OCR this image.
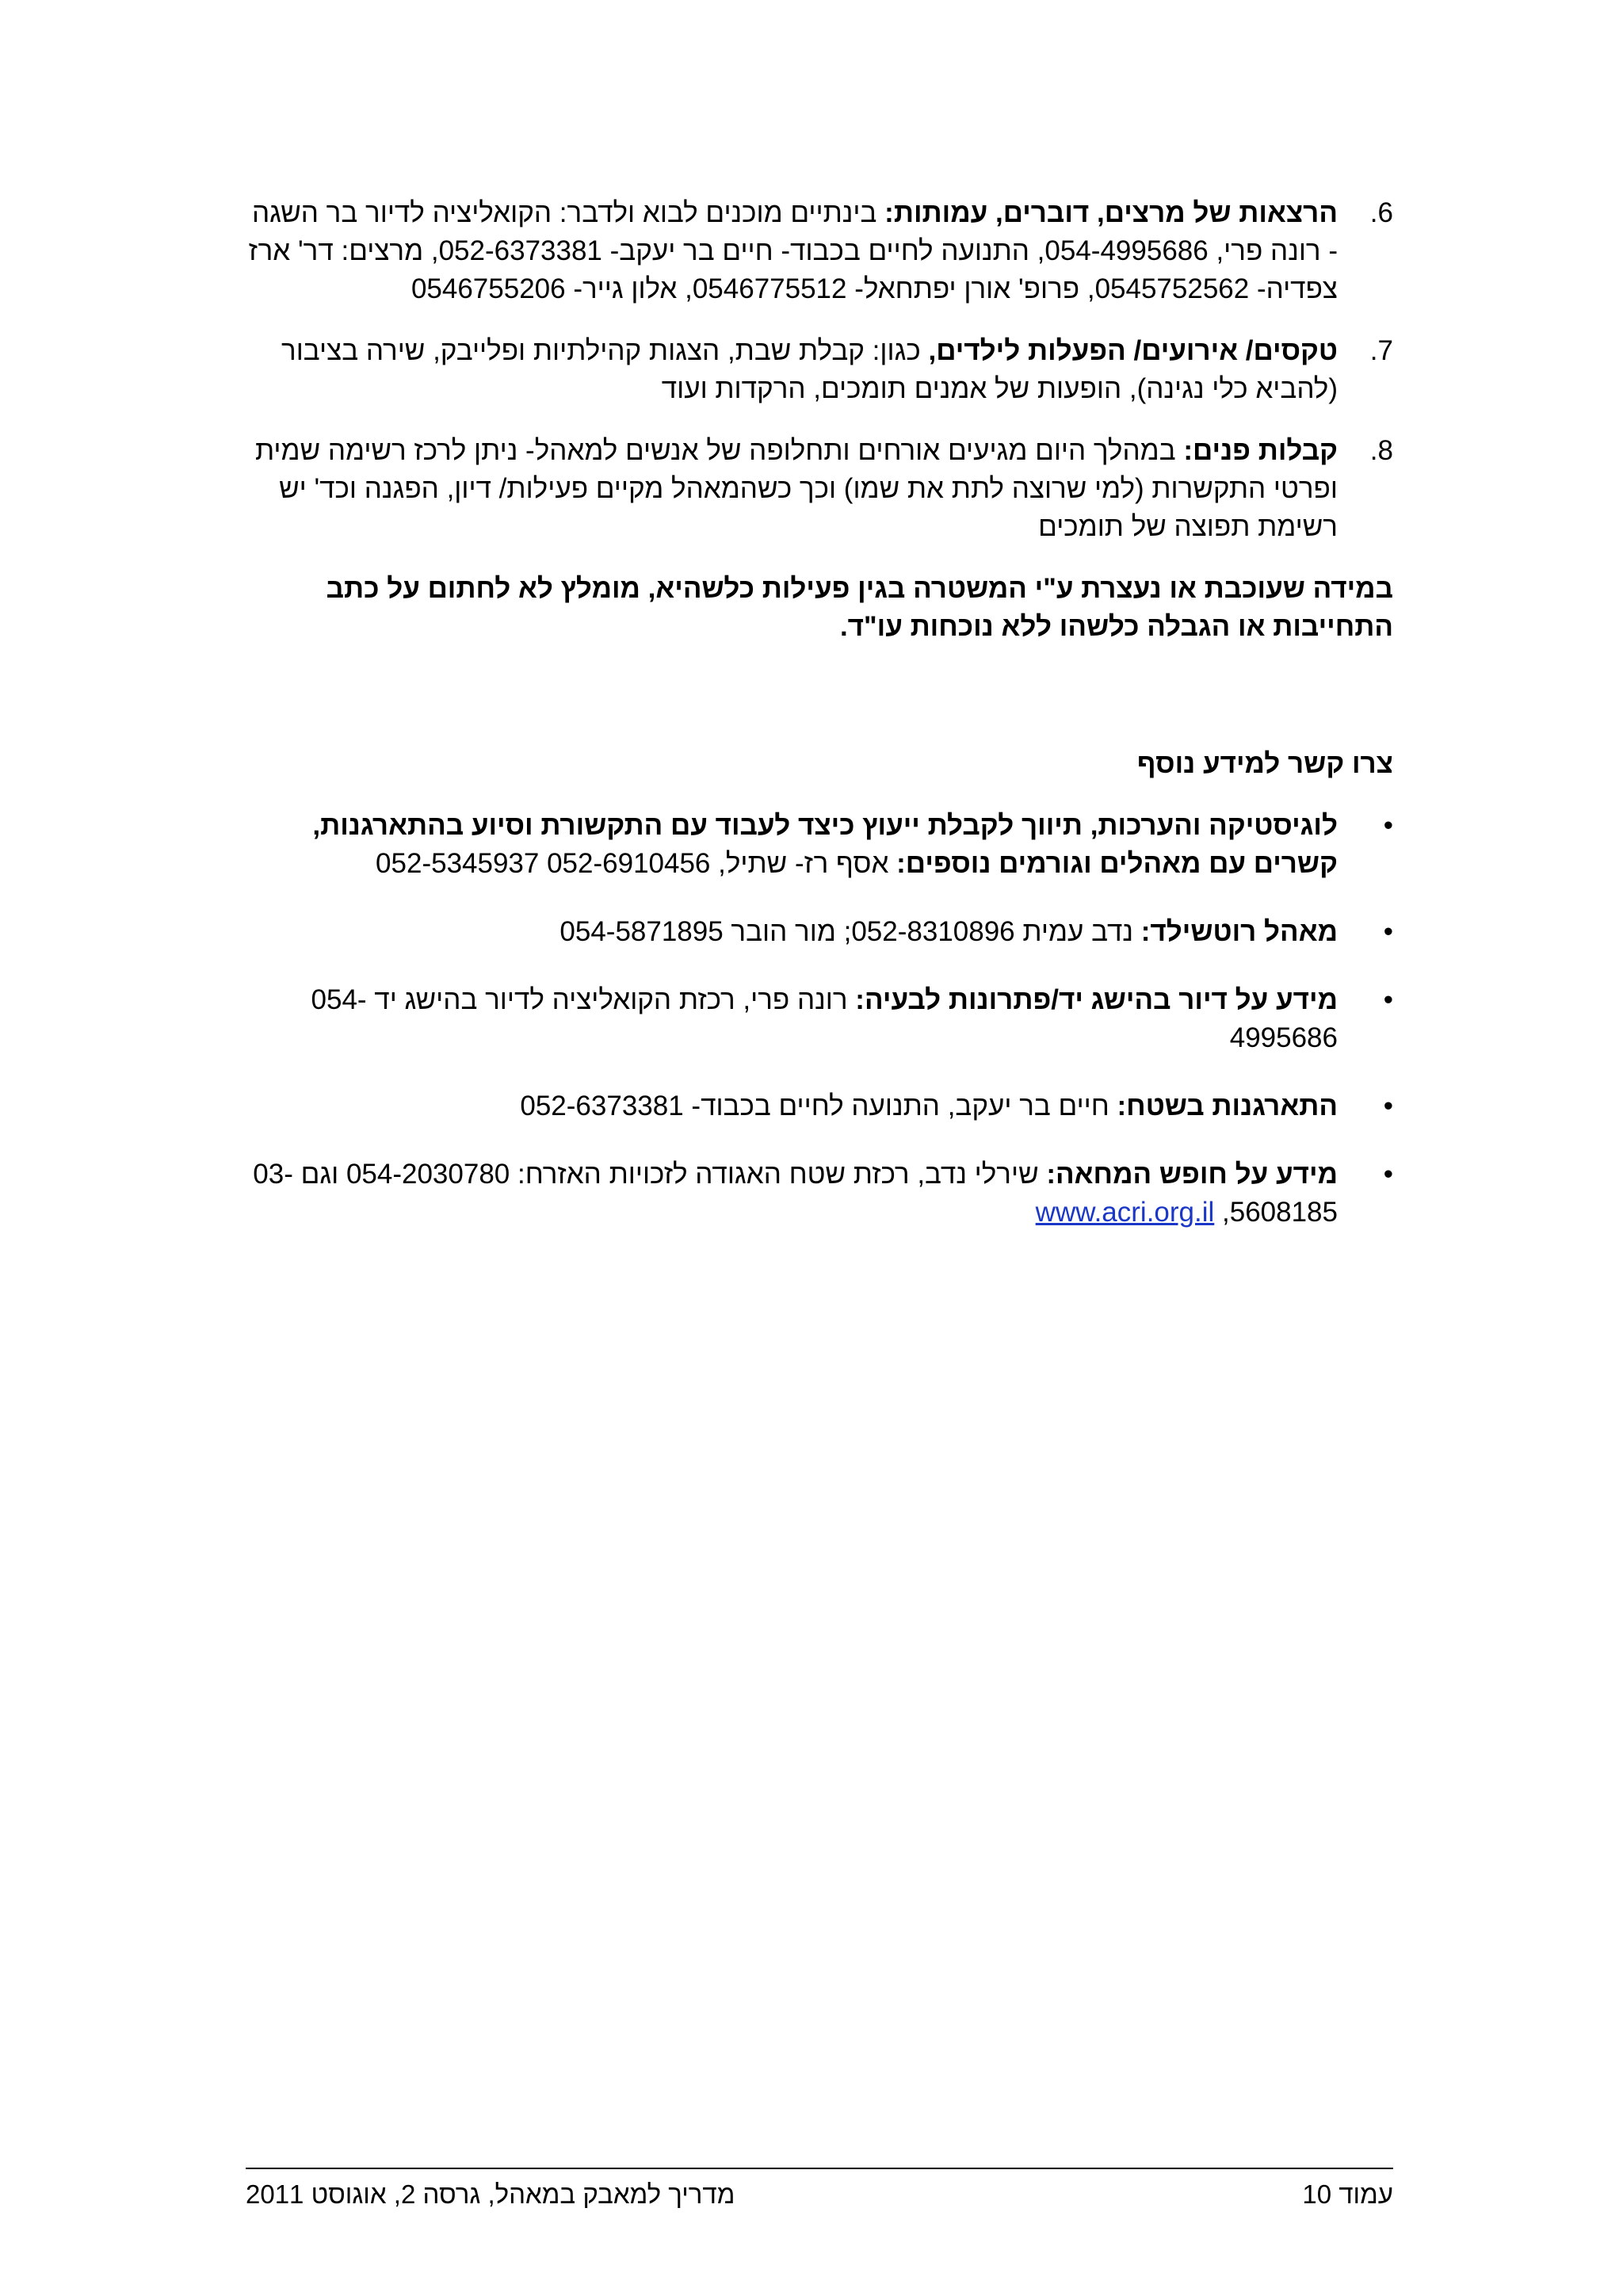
6.
הרצאות של מרצים, דוברים, עמותות: בינתיים מוכנים לבוא ולדבר: הקואליציה לדיור בר השגה - רונה פרי, 054-4995686, התנועה לחיים בכבוד- חיים בר יעקב- 052-6373381, מרצים: דר' ארז צפדיה- 0545752562, פרופ' אורן יפתחאל- 0546775512, אלון גייר- 0546755206
7.
טקסים/ אירועים/ הפעלות לילדים, כגון: קבלת שבת, הצגות קהילתיות ופלייבק, שירה בציבור (להביא כלי נגינה), הופעות של אמנים תומכים, הרקדות ועוד
8.
קבלות פנים: במהלך היום מגיעים אורחים ותחלופה של אנשים למאהל- ניתן לרכז רשימה שמית ופרטי התקשרות (למי שרוצה לתת את שמו) וכך כשהמאהל מקיים פעילות/ דיון, הפגנה וכד' יש רשימת תפוצה של תומכים
במידה שעוכבת או נעצרת ע"י המשטרה בגין פעילות כלשהיא, מומלץ לא לחתום על כתב התחייבות או הגבלה כלשהו ללא נוכחות עו"ד.
צרו קשר למידע נוסף
•
לוגיסטיקה והערכות, תיווך לקבלת ייעוץ כיצד לעבוד עם התקשורת וסיוע בהתארגנות, קשרים עם מאהלים וגורמים נוספים: אסף רז- שתיל, 052-6910456 052-5345937
•
מאהל רוטשילד: נדב עמית 052-8310896; מור הובר 054-5871895
•
מידע על דיור בהישג יד/פתרונות לבעיה: רונה פרי, רכזת הקואליציה לדיור בהישג יד 054-4995686
•
התארגנות בשטח: חיים בר יעקב, התנועה לחיים בכבוד- 052-6373381
•
מידע על חופש המחאה: שירלי נדב, רכזת שטח האגודה לזכויות האזרח: 054-2030780 וגם 03-5608185, www.acri.org.il
עמוד 10
מדריך למאבק במאהל, גרסה 2, אוגוסט 2011
